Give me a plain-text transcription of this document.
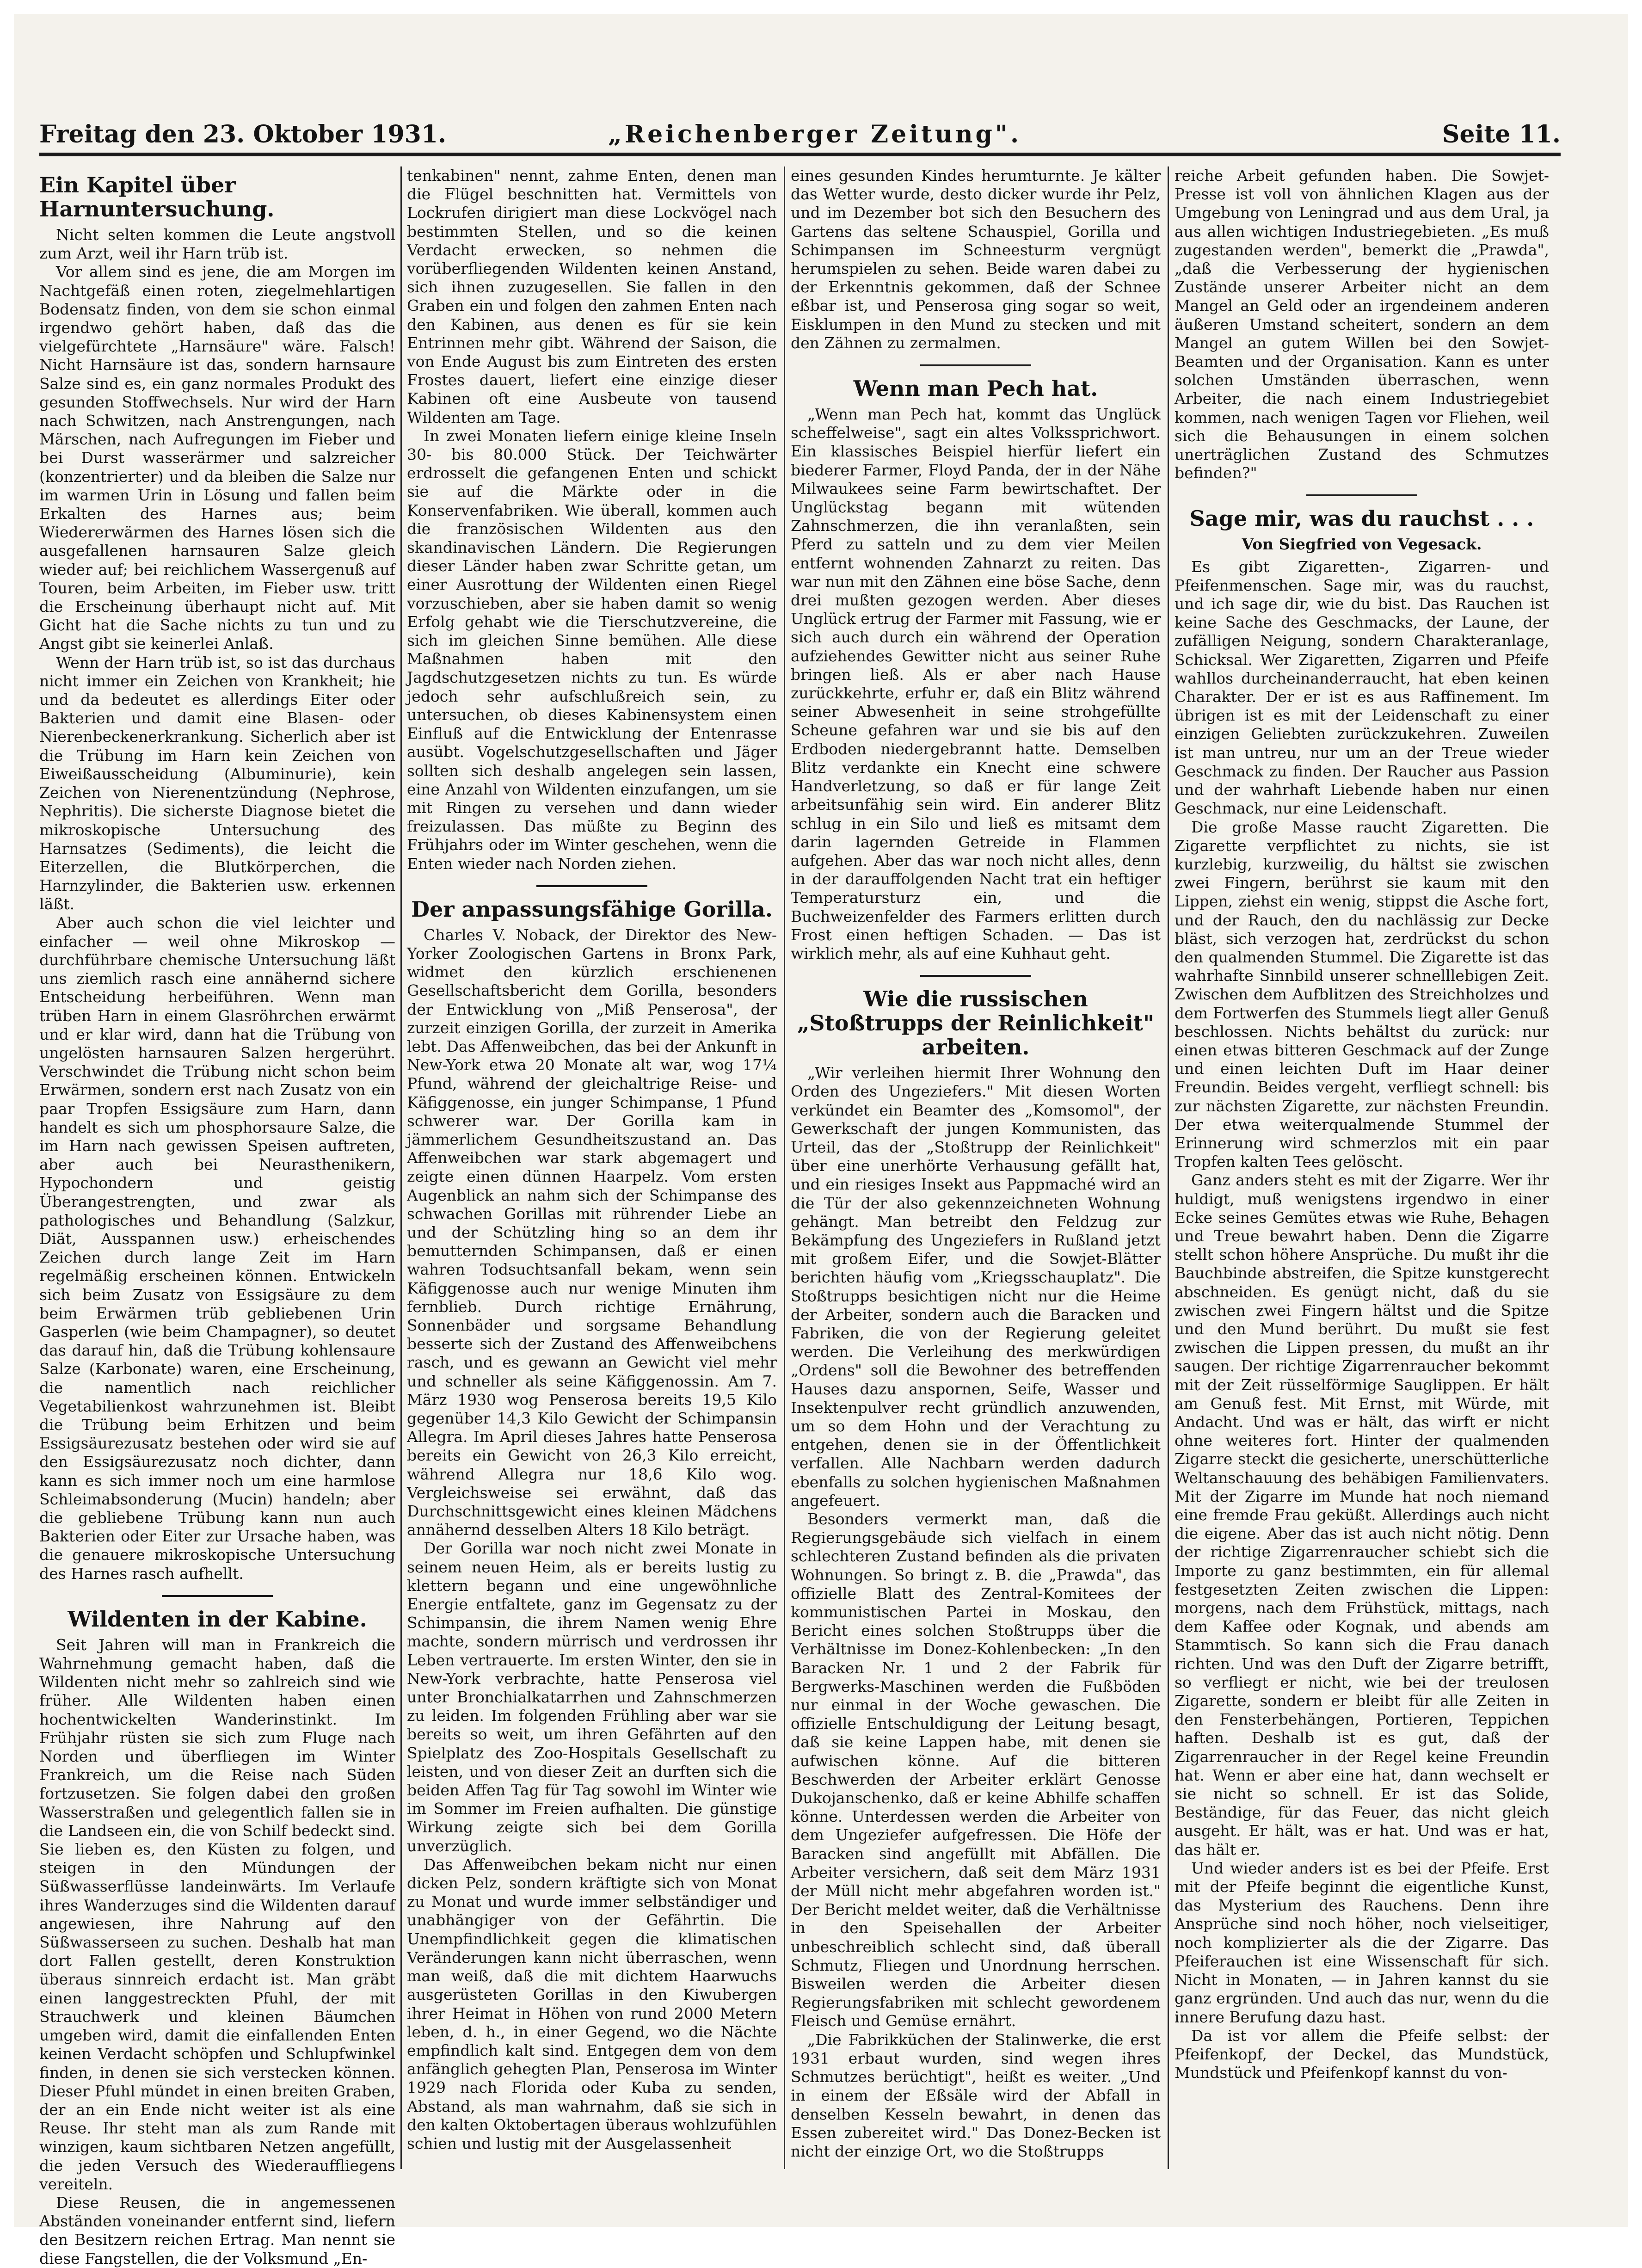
Freitag den 23. Oktober 1931.	„Reichenberger Zeitung".	Seite 11.
Ein Kapitel über Harnuntersuchung.

Nicht selten kommen die Leute angstvoll zum Arzt, weil ihr Harn trüb ist.

Vor allem sind es jene, die am Morgen im Nachtgefäß einen roten, ziegelmehlartigen Bodensatz finden, von dem sie schon einmal irgendwo gehört haben, daß das die vielgefürchtete „Harnsäure" wäre. Falsch! Nicht Harnsäure ist das, sondern harnsaure Salze sind es, ein ganz normales Produkt des gesunden Stoffwechsels. Nur wird der Harn nach Schwitzen, nach Anstrengungen, nach Märschen, nach Aufregungen im Fieber und bei Durst wasserärmer und salzreicher (konzentrierter) und da bleiben die Salze nur im warmen Urin in Lösung und fallen beim Erkalten des Harnes aus; beim Wiedererwärmen des Harnes lösen sich die ausgefallenen harnsauren Salze gleich wieder auf; bei reichlichem Wassergenuß auf Touren, beim Arbeiten, im Fieber usw. tritt die Erscheinung überhaupt nicht auf. Mit Gicht hat die Sache nichts zu tun und zu Angst gibt sie keinerlei Anlaß.

Wenn der Harn trüb ist, so ist das durchaus nicht immer ein Zeichen von Krankheit; hie und da bedeutet es allerdings Eiter oder Bakterien und damit eine Blasen- oder Nierenbeckenerkrankung. Sicherlich aber ist die Trübung im Harn kein Zeichen von Eiweißausscheidung (Albuminurie), kein Zeichen von Nierenentzündung (Nephrose, Nephritis). Die sicherste Diagnose bietet die mikroskopische Untersuchung des Harnsatzes (Sediments), die leicht die Eiterzellen, die Blutkörperchen, die Harnzylinder, die Bakterien usw. erkennen läßt.

Aber auch schon die viel leichter und einfacher — weil ohne Mikroskop — durchführbare chemische Untersuchung läßt uns ziemlich rasch eine annähernd sichere Entscheidung herbeiführen. Wenn man trüben Harn in einem Glasröhrchen erwärmt und er klar wird, dann hat die Trübung von ungelösten harnsauren Salzen hergerührt. Verschwindet die Trübung nicht schon beim Erwärmen, sondern erst nach Zusatz von ein paar Tropfen Essigsäure zum Harn, dann handelt es sich um phosphorsaure Salze, die im Harn nach gewissen Speisen auftreten, aber auch bei Neurasthenikern, Hypochondern und geistig Überangestrengten, und zwar als pathologisches und Behandlung (Salzkur, Diät, Ausspannen usw.) erheischendes Zeichen durch lange Zeit im Harn regelmäßig erscheinen können. Entwickeln sich beim Zusatz von Essigsäure zu dem beim Erwärmen trüb gebliebenen Urin Gasperlen (wie beim Champagner), so deutet das darauf hin, daß die Trübung kohlensaure Salze (Karbonate) waren, eine Erscheinung, die namentlich nach reichlicher Vegetabilienkost wahrzunehmen ist. Bleibt die Trübung beim Erhitzen und beim Essigsäurezusatz bestehen oder wird sie auf den Essigsäurezusatz noch dichter, dann kann es sich immer noch um eine harmlose Schleimabsonderung (Mucin) handeln; aber die gebliebene Trübung kann nun auch Bakterien oder Eiter zur Ursache haben, was die genauere mikroskopische Untersuchung des Harnes rasch aufhellt.

Wildenten in der Kabine.

Seit Jahren will man in Frankreich die Wahrnehmung gemacht haben, daß die Wildenten nicht mehr so zahlreich sind wie früher. Alle Wildenten haben einen hochentwickelten Wanderinstinkt. Im Frühjahr rüsten sie sich zum Fluge nach Norden und überfliegen im Winter Frankreich, um die Reise nach Süden fortzusetzen. Sie folgen dabei den großen Wasserstraßen und gelegentlich fallen sie in die Landseen ein, die von Schilf bedeckt sind. Sie lieben es, den Küsten zu folgen, und steigen in den Mündungen der Süßwasserflüsse landeinwärts. Im Verlaufe ihres Wanderzuges sind die Wildenten darauf angewiesen, ihre Nahrung auf den Süßwasserseen zu suchen. Deshalb hat man dort Fallen gestellt, deren Konstruktion überaus sinnreich erdacht ist. Man gräbt einen langgestreckten Pfuhl, der mit Strauchwerk und kleinen Bäumchen umgeben wird, damit die einfallenden Enten keinen Verdacht schöpfen und Schlupfwinkel finden, in denen sie sich verstecken können. Dieser Pfuhl mündet in einen breiten Graben, der an ein Ende nicht weiter ist als eine Reuse. Ihr steht man als zum Rande mit winzigen, kaum sichtbaren Netzen angefüllt, die jeden Versuch des Wiederauffliegens vereiteln.

Diese Reusen, die in angemessenen Abständen voneinander entfernt sind, liefern den Besitzern reichen Ertrag. Man nennt sie diese Fangstellen, die der Volksmund „En-

tenkabinen" nennt, zahme Enten, denen man die Flügel beschnitten hat. Vermittels von Lockrufen dirigiert man diese Lockvögel nach bestimmten Stellen, und so die keinen Verdacht erwecken, so nehmen die vorüberfliegenden Wildenten keinen Anstand, sich ihnen zuzugesellen. Sie fallen in den Graben ein und folgen den zahmen Enten nach den Kabinen, aus denen es für sie kein Entrinnen mehr gibt. Während der Saison, die von Ende August bis zum Eintreten des ersten Frostes dauert, liefert eine einzige dieser Kabinen oft eine Ausbeute von tausend Wildenten am Tage.

In zwei Monaten liefern einige kleine Inseln 30- bis 80.000 Stück. Der Teichwärter erdrosselt die gefangenen Enten und schickt sie auf die Märkte oder in die Konservenfabriken. Wie überall, kommen auch die französischen Wildenten aus den skandinavischen Ländern. Die Regierungen dieser Länder haben zwar Schritte getan, um einer Ausrottung der Wildenten einen Riegel vorzuschieben, aber sie haben damit so wenig Erfolg gehabt wie die Tierschutzvereine, die sich im gleichen Sinne bemühen. Alle diese Maßnahmen haben mit den Jagdschutzgesetzen nichts zu tun. Es würde jedoch sehr aufschlußreich sein, zu untersuchen, ob dieses Kabinensystem einen Einfluß auf die Entwicklung der Entenrasse ausübt. Vogelschutzgesellschaften und Jäger sollten sich deshalb angelegen sein lassen, eine Anzahl von Wildenten einzufangen, um sie mit Ringen zu versehen und dann wieder freizulassen. Das müßte zu Beginn des Frühjahrs oder im Winter geschehen, wenn die Enten wieder nach Norden ziehen.

Der anpassungsfähige Gorilla.

Charles V. Noback, der Direktor des New-Yorker Zoologischen Gartens in Bronx Park, widmet den kürzlich erschienenen Gesellschaftsbericht dem Gorilla, besonders der Entwicklung von „Miß Penserosa", der zurzeit einzigen Gorilla, der zurzeit in Amerika lebt. Das Affenweibchen, das bei der Ankunft in New-York etwa 20 Monate alt war, wog 17¼ Pfund, während der gleichaltrige Reise- und Käfiggenosse, ein junger Schimpanse, 1 Pfund schwerer war. Der Gorilla kam in jämmerlichem Gesundheitszustand an. Das Affenweibchen war stark abgemagert und zeigte einen dünnen Haarpelz. Vom ersten Augenblick an nahm sich der Schimpanse des schwachen Gorillas mit rührender Liebe an und der Schützling hing so an dem ihr bemutternden Schimpansen, daß er einen wahren Todsuchtsanfall bekam, wenn sein Käfiggenosse auch nur wenige Minuten ihm fernblieb. Durch richtige Ernährung, Sonnenbäder und sorgsame Behandlung besserte sich der Zustand des Affenweibchens rasch, und es gewann an Gewicht viel mehr und schneller als seine Käfiggenossin. Am 7. März 1930 wog Penserosa bereits 19,5 Kilo gegenüber 14,3 Kilo Gewicht der Schimpansin Allegra. Im April dieses Jahres hatte Penserosa bereits ein Gewicht von 26,3 Kilo erreicht, während Allegra nur 18,6 Kilo wog. Vergleichsweise sei erwähnt, daß das Durchschnittsgewicht eines kleinen Mädchens annähernd desselben Alters 18 Kilo beträgt.

Der Gorilla war noch nicht zwei Monate in seinem neuen Heim, als er bereits lustig zu klettern begann und eine ungewöhnliche Energie entfaltete, ganz im Gegensatz zu der Schimpansin, die ihrem Namen wenig Ehre machte, sondern mürrisch und verdrossen ihr Leben vertrauerte. Im ersten Winter, den sie in New-York verbrachte, hatte Penserosa viel unter Bronchialkatarrhen und Zahnschmerzen zu leiden. Im folgenden Frühling aber war sie bereits so weit, um ihren Gefährten auf den Spielplatz des Zoo-Hospitals Gesellschaft zu leisten, und von dieser Zeit an durften sich die beiden Affen Tag für Tag sowohl im Winter wie im Sommer im Freien aufhalten. Die günstige Wirkung zeigte sich bei dem Gorilla unverzüglich.

Das Affenweibchen bekam nicht nur einen dicken Pelz, sondern kräftigte sich von Monat zu Monat und wurde immer selbständiger und unabhängiger von der Gefährtin. Die Unempfindlichkeit gegen die klimatischen Veränderungen kann nicht überraschen, wenn man weiß, daß die mit dichtem Haarwuchs ausgerüsteten Gorillas in den Kiwubergen ihrer Heimat in Höhen von rund 2000 Metern leben, d. h., in einer Gegend, wo die Nächte empfindlich kalt sind. Entgegen dem von dem anfänglich gehegten Plan, Penserosa im Winter 1929 nach Florida oder Kuba zu senden, Abstand, als man wahrnahm, daß sie sich in den kalten Oktobertagen überaus wohlzufühlen schien und lustig mit der Ausgelassenheit

eines gesunden Kindes herumturnte. Je kälter das Wetter wurde, desto dicker wurde ihr Pelz, und im Dezember bot sich den Besuchern des Gartens das seltene Schauspiel, Gorilla und Schimpansen im Schneesturm vergnügt herumspielen zu sehen. Beide waren dabei zu der Erkenntnis gekommen, daß der Schnee eßbar ist, und Penserosa ging sogar so weit, Eisklumpen in den Mund zu stecken und mit den Zähnen zu zermalmen.

Wenn man Pech hat.

„Wenn man Pech hat, kommt das Unglück scheffelweise", sagt ein altes Volkssprichwort. Ein klassisches Beispiel hierfür liefert ein biederer Farmer, Floyd Panda, der in der Nähe Milwaukees seine Farm bewirtschaftet. Der Unglückstag begann mit wütenden Zahnschmerzen, die ihn veranlaßten, sein Pferd zu satteln und zu dem vier Meilen entfernt wohnenden Zahnarzt zu reiten. Das war nun mit den Zähnen eine böse Sache, denn drei mußten gezogen werden. Aber dieses Unglück ertrug der Farmer mit Fassung, wie er sich auch durch ein während der Operation aufziehendes Gewitter nicht aus seiner Ruhe bringen ließ. Als er aber nach Hause zurückkehrte, erfuhr er, daß ein Blitz während seiner Abwesenheit in seine strohgefüllte Scheune gefahren war und sie bis auf den Erdboden niedergebrannt hatte. Demselben Blitz verdankte ein Knecht eine schwere Handverletzung, so daß er für lange Zeit arbeitsunfähig sein wird. Ein anderer Blitz schlug in ein Silo und ließ es mitsamt dem darin lagernden Getreide in Flammen aufgehen. Aber das war noch nicht alles, denn in der darauffolgenden Nacht trat ein heftiger Temperatursturz ein, und die Buchweizenfelder des Farmers erlitten durch Frost einen heftigen Schaden. — Das ist wirklich mehr, als auf eine Kuhhaut geht.

Wie die russischen „Stoßtrupps der Reinlichkeit" arbeiten.

„Wir verleihen hiermit Ihrer Wohnung den Orden des Ungeziefers." Mit diesen Worten verkündet ein Beamter des „Komsomol", der Gewerkschaft der jungen Kommunisten, das Urteil, das der „Stoßtrupp der Reinlichkeit" über eine unerhörte Verhausung gefällt hat, und ein riesiges Insekt aus Pappmaché wird an die Tür der also gekennzeichneten Wohnung gehängt. Man betreibt den Feldzug zur Bekämpfung des Ungeziefers in Rußland jetzt mit großem Eifer, und die Sowjet-Blätter berichten häufig vom „Kriegsschauplatz". Die Stoßtrupps besichtigen nicht nur die Heime der Arbeiter, sondern auch die Baracken und Fabriken, die von der Regierung geleitet werden. Die Verleihung des merkwürdigen „Ordens" soll die Bewohner des betreffenden Hauses dazu anspornen, Seife, Wasser und Insektenpulver recht gründlich anzuwenden, um so dem Hohn und der Verachtung zu entgehen, denen sie in der Öffentlichkeit verfallen. Alle Nachbarn werden dadurch ebenfalls zu solchen hygienischen Maßnahmen angefeuert.

Besonders vermerkt man, daß die Regierungsgebäude sich vielfach in einem schlechteren Zustand befinden als die privaten Wohnungen. So bringt z. B. die „Prawda", das offizielle Blatt des Zentral-Komitees der kommunistischen Partei in Moskau, den Bericht eines solchen Stoßtrupps über die Verhältnisse im Donez-Kohlenbecken: „In den Baracken Nr. 1 und 2 der Fabrik für Bergwerks-Maschinen werden die Fußböden nur einmal in der Woche gewaschen. Die offizielle Entschuldigung der Leitung besagt, daß sie keine Lappen habe, mit denen sie aufwischen könne. Auf die bitteren Beschwerden der Arbeiter erklärt Genosse Dukojanschenko, daß er keine Abhilfe schaffen könne. Unterdessen werden die Arbeiter von dem Ungeziefer aufgefressen. Die Höfe der Baracken sind angefüllt mit Abfällen. Die Arbeiter versichern, daß seit dem März 1931 der Müll nicht mehr abgefahren worden ist." Der Bericht meldet weiter, daß die Verhältnisse in den Speisehallen der Arbeiter unbeschreiblich schlecht sind, daß überall Schmutz, Fliegen und Unordnung herrschen. Bisweilen werden die Arbeiter diesen Regierungsfabriken mit schlecht gewordenem Fleisch und Gemüse ernährt.

„Die Fabrikküchen der Stalinwerke, die erst 1931 erbaut wurden, sind wegen ihres Schmutzes berüchtigt", heißt es weiter. „Und in einem der Eßsäle wird der Abfall in denselben Kesseln bewahrt, in denen das Essen zubereitet wird." Das Donez-Becken ist nicht der einzige Ort, wo die Stoßtrupps

reiche Arbeit gefunden haben. Die Sowjet-Presse ist voll von ähnlichen Klagen aus der Umgebung von Leningrad und aus dem Ural, ja aus allen wichtigen Industriegebieten. „Es muß zugestanden werden", bemerkt die „Prawda", „daß die Verbesserung der hygienischen Zustände unserer Arbeiter nicht an dem Mangel an Geld oder an irgendeinem anderen äußeren Umstand scheitert, sondern an dem Mangel an gutem Willen bei den Sowjet-Beamten und der Organisation. Kann es unter solchen Umständen überraschen, wenn Arbeiter, die nach einem Industriegebiet kommen, nach wenigen Tagen vor Fliehen, weil sich die Behausungen in einem solchen unerträglichen Zustand des Schmutzes befinden?"

Sage mir, was du rauchst . . .

Von Siegfried von Vegesack.

Es gibt Zigaretten-, Zigarren- und Pfeifenmenschen. Sage mir, was du rauchst, und ich sage dir, wie du bist. Das Rauchen ist keine Sache des Geschmacks, der Laune, der zufälligen Neigung, sondern Charakteranlage, Schicksal. Wer Zigaretten, Zigarren und Pfeife wahllos durcheinanderraucht, hat eben keinen Charakter. Der er ist es aus Raffinement. Im übrigen ist es mit der Leidenschaft zu einer einzigen Geliebten zurückzukehren. Zuweilen ist man untreu, nur um an der Treue wieder Geschmack zu finden. Der Raucher aus Passion und der wahrhaft Liebende haben nur einen Geschmack, nur eine Leidenschaft.

Die große Masse raucht Zigaretten. Die Zigarette verpflichtet zu nichts, sie ist kurzlebig, kurzweilig, du hältst sie zwischen zwei Fingern, berührst sie kaum mit den Lippen, ziehst ein wenig, stippst die Asche fort, und der Rauch, den du nachlässig zur Decke bläst, sich verzogen hat, zerdrückst du schon den qualmenden Stummel. Die Zigarette ist das wahrhafte Sinnbild unserer schnelllebigen Zeit. Zwischen dem Aufblitzen des Streichholzes und dem Fortwerfen des Stummels liegt aller Genuß beschlossen. Nichts behältst du zurück: nur einen etwas bitteren Geschmack auf der Zunge und einen leichten Duft im Haar deiner Freundin. Beides vergeht, verfliegt schnell: bis zur nächsten Zigarette, zur nächsten Freundin. Der etwa weiterqualmende Stummel der Erinnerung wird schmerzlos mit ein paar Tropfen kalten Tees gelöscht.

Ganz anders steht es mit der Zigarre. Wer ihr huldigt, muß wenigstens irgendwo in einer Ecke seines Gemütes etwas wie Ruhe, Behagen und Treue bewahrt haben. Denn die Zigarre stellt schon höhere Ansprüche. Du mußt ihr die Bauchbinde abstreifen, die Spitze kunstgerecht abschneiden. Es genügt nicht, daß du sie zwischen zwei Fingern hältst und die Spitze und den Mund berührt. Du mußt sie fest zwischen die Lippen pressen, du mußt an ihr saugen. Der richtige Zigarrenraucher bekommt mit der Zeit rüsselförmige Sauglippen. Er hält am Genuß fest. Mit Ernst, mit Würde, mit Andacht. Und was er hält, das wirft er nicht ohne weiteres fort. Hinter der qualmenden Zigarre steckt die gesicherte, unerschütterliche Weltanschauung des behäbigen Familienvaters. Mit der Zigarre im Munde hat noch niemand eine fremde Frau geküßt. Allerdings auch nicht die eigene. Aber das ist auch nicht nötig. Denn der richtige Zigarrenraucher schiebt sich die Importe zu ganz bestimmten, ein für allemal festgesetzten Zeiten zwischen die Lippen: morgens, nach dem Frühstück, mittags, nach dem Kaffee oder Kognak, und abends am Stammtisch. So kann sich die Frau danach richten. Und was den Duft der Zigarre betrifft, so verfliegt er nicht, wie bei der treulosen Zigarette, sondern er bleibt für alle Zeiten in den Fensterbehängen, Portieren, Teppichen haften. Deshalb ist es gut, daß der Zigarrenraucher in der Regel keine Freundin hat. Wenn er aber eine hat, dann wechselt er sie nicht so schnell. Er ist das Solide, Beständige, für das Feuer, das nicht gleich ausgeht. Er hält, was er hat. Und was er hat, das hält er.

Und wieder anders ist es bei der Pfeife. Erst mit der Pfeife beginnt die eigentliche Kunst, das Mysterium des Rauchens. Denn ihre Ansprüche sind noch höher, noch vielseitiger, noch komplizierter als die der Zigarre. Das Pfeiferauchen ist eine Wissenschaft für sich. Nicht in Monaten, — in Jahren kannst du sie ganz ergründen. Und auch das nur, wenn du die innere Berufung dazu hast.

Da ist vor allem die Pfeife selbst: der Pfeifenkopf, der Deckel, das Mundstück, Mundstück und Pfeifenkopf kannst du von-
